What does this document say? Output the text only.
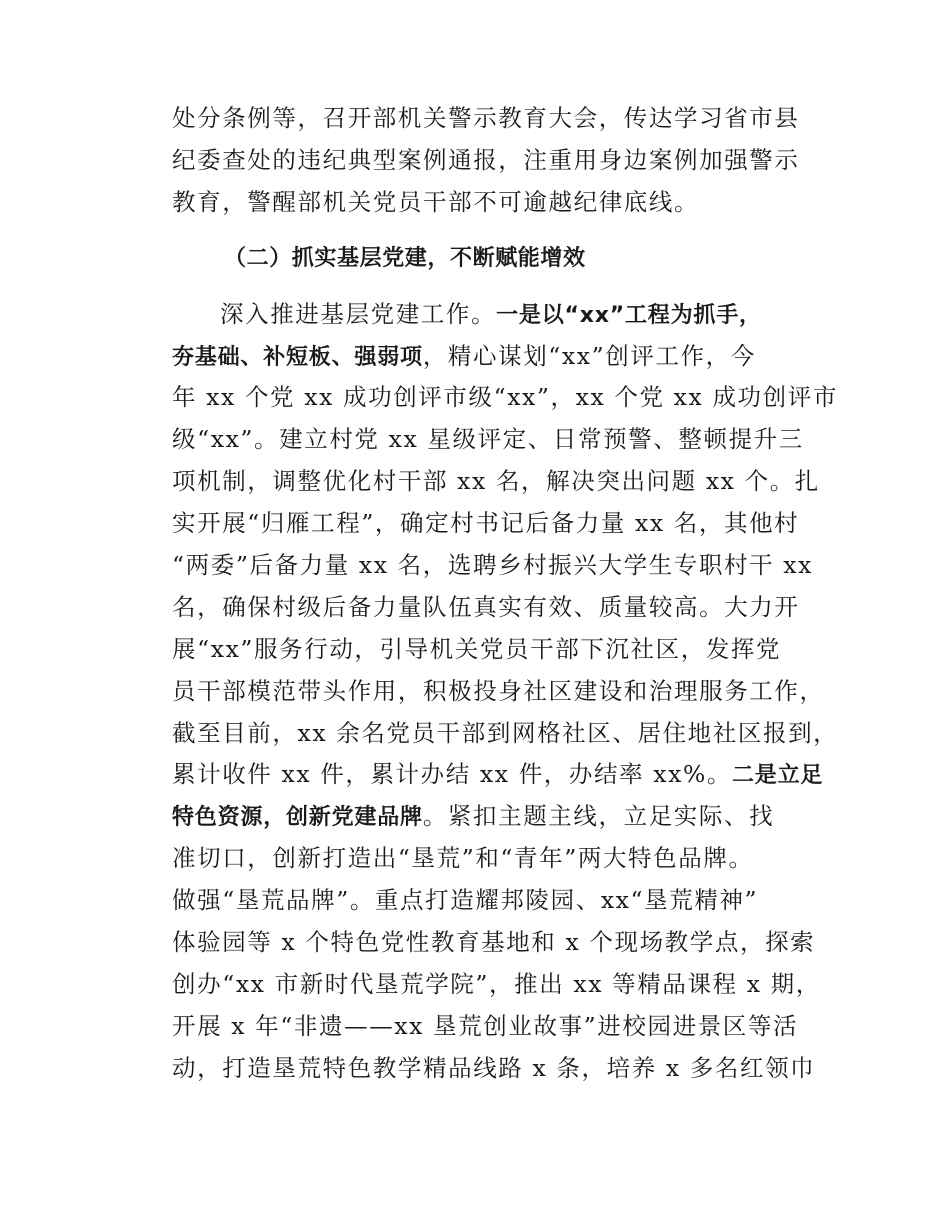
处分条例等，召开部机关警示教育大会，传达学习省市县
纪委查处的违纪典型案例通报，注重用身边案例加强警示
教育，警醒部机关党员干部不可逾越纪律底线。
（二）抓实基层党建，不断赋能增效
深入推进基层党建工作。一是以“xx”工程为抓手，
夯基础、补短板、强弱项，精心谋划“xx”创评工作，今
年 xx 个党 xx 成功创评市级“xx”，xx 个党 xx 成功创评市
级“xx”。建立村党 xx 星级评定、日常预警、整顿提升三
项机制，调整优化村干部 xx 名，解决突出问题 xx 个。扎
实开展“归雁工程”，确定村书记后备力量 xx 名，其他村
“两委”后备力量 xx 名，选聘乡村振兴大学生专职村干 xx
名，确保村级后备力量队伍真实有效、质量较高。大力开
展“xx”服务行动，引导机关党员干部下沉社区，发挥党
员干部模范带头作用，积极投身社区建设和治理服务工作，
截至目前，xx 余名党员干部到网格社区、居住地社区报到，
累计收件 xx 件，累计办结 xx 件，办结率 xx%。二是立足
特色资源，创新党建品牌。紧扣主题主线，立足实际、找
准切口，创新打造出“垦荒”和“青年”两大特色品牌。
做强“垦荒品牌”。重点打造耀邦陵园、xx“垦荒精神”
体验园等 x 个特色党性教育基地和 x 个现场教学点，探索
创办“xx 市新时代垦荒学院”，推出 xx 等精品课程 x 期，
开展 x 年“非遗——xx 垦荒创业故事”进校园进景区等活
动，打造垦荒特色教学精品线路 x 条，培养 x 多名红领巾
